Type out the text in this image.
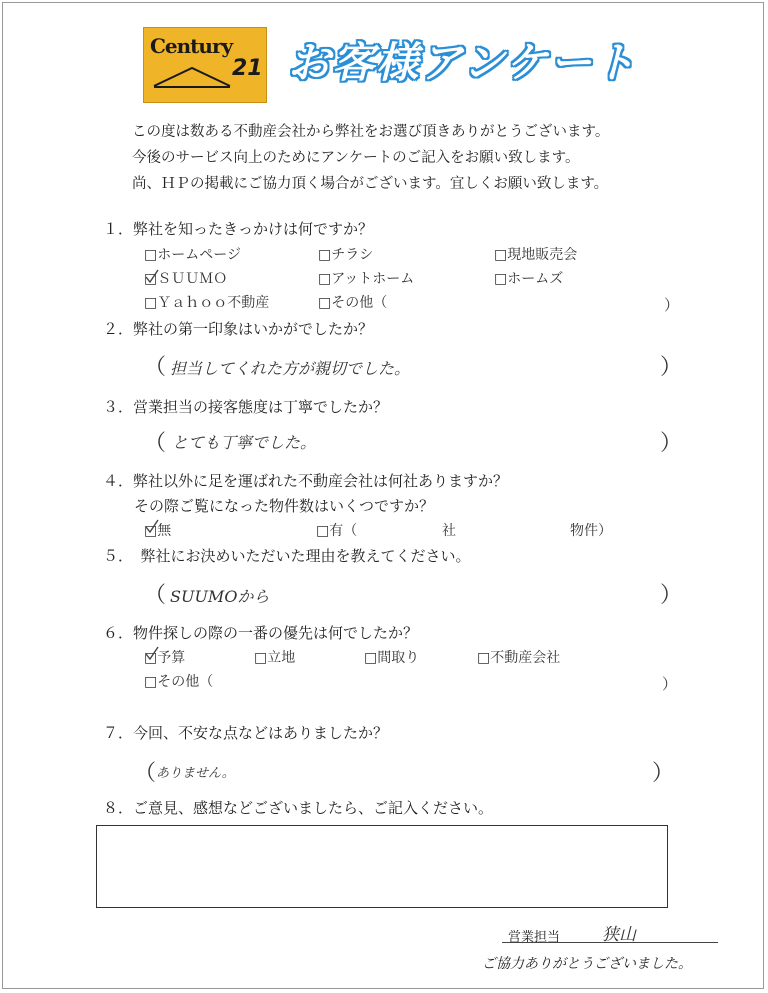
Century
21 お客様アンケート
この度は数ある不動産会社から弊社をお選び頂きありがとうございます。
今後のサービス向上のためにアンケートのご記入をお願い致します。
尚、ＨＰの掲載にご協力頂く場合がございます。宜しくお願い致します。
１．弊社を知ったきっかけは何ですか？
□ホームページ	□チラシ	□現地販売会
□ＳＵＵＭＯ	□アットホーム	□ホームズ
□Ｙａｈｏｏ不動産	□その他（	）
２．弊社の第一印象はいかがでしたか？
（ 担当してくれた方が親切でした。	）
３．営業担当の接客態度は丁寧でしたか？
（ とても丁寧でした。	）
４．弊社以外に足を運ばれた不動産会社は何社ありますか？
その際ご覧になった物件数はいくつですか？
□無	□有（	社	物件）
５．　弊社にお決めいただいた理由を教えてください。
（ SUUMOから	）
６．物件探しの際の一番の優先は何でしたか？
□予算	□立地	□間取り	□不動産会社
□その他（	）
７．今回、不安な点などはありましたか？
（ ありません。	）
８．ご意見、感想などございましたら、ご記入ください。
営業担当 狭山
ご協力ありがとうございました。
